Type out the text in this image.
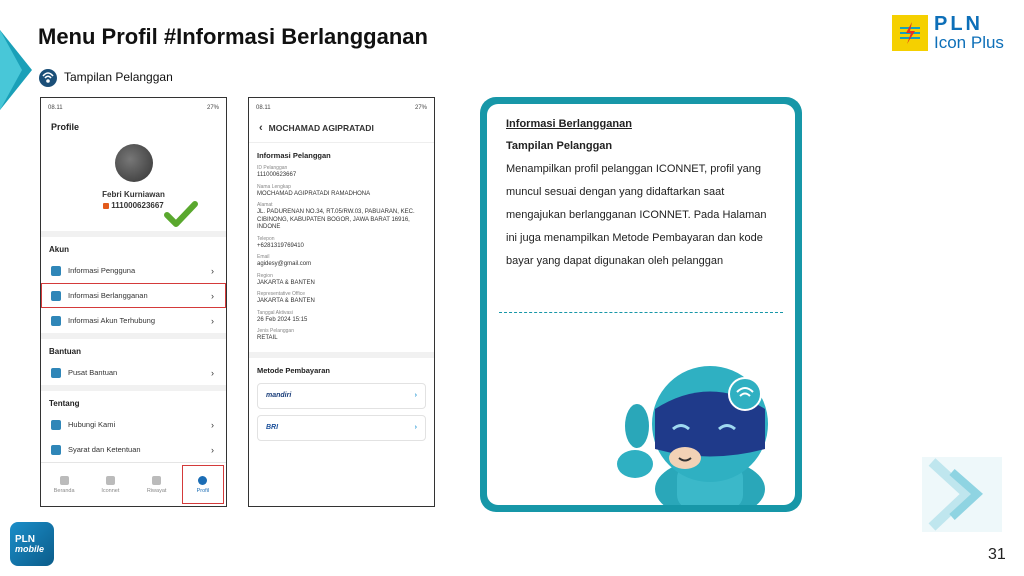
Menu Profil #Informasi Berlangganan
Tampilan Pelanggan
PLN
Icon Plus
08.11	27%
Profile
Febri Kurniawan
111000623667
Akun
Informasi Pengguna	›
Informasi Berlangganan	›
Informasi Akun Terhubung	›
Bantuan
Pusat Bantuan	›
Tentang
Hubungi Kami	›
Syarat dan Ketentuan	›
Beranda	Iconnet	Riwayat	Profil
08.11	27%
‹ MOCHAMAD AGIPRATADI
Informasi Pelanggan
ID Pelanggan
111000623667
Nama Lengkap
MOCHAMAD AGIPRATADI RAMADHONA
Alamat
JL. PADURENAN NO.34, RT.05/RW.03, PABUARAN, KEC. CIBINONG, KABUPATEN BOGOR, JAWA BARAT 16916, INDONE
Telepon
+6281319769410
Email
agidesy@gmail.com
Region
JAKARTA & BANTEN
Representative Office
JAKARTA & BANTEN
Tanggal Aktivasi
26 Feb 2024 15:15
Jenis Pelanggan
RETAIL
Metode Pembayaran
mandiri	›
BRI	›
Informasi Berlangganan
Tampilan Pelanggan
Menampilkan profil pelanggan ICONNET, profil yang muncul sesuai dengan yang didaftarkan saat mengajukan berlangganan ICONNET. Pada Halaman ini juga menampilkan Metode Pembayaran dan kode bayar yang dapat digunakan oleh pelanggan
PLN
mobile	31
